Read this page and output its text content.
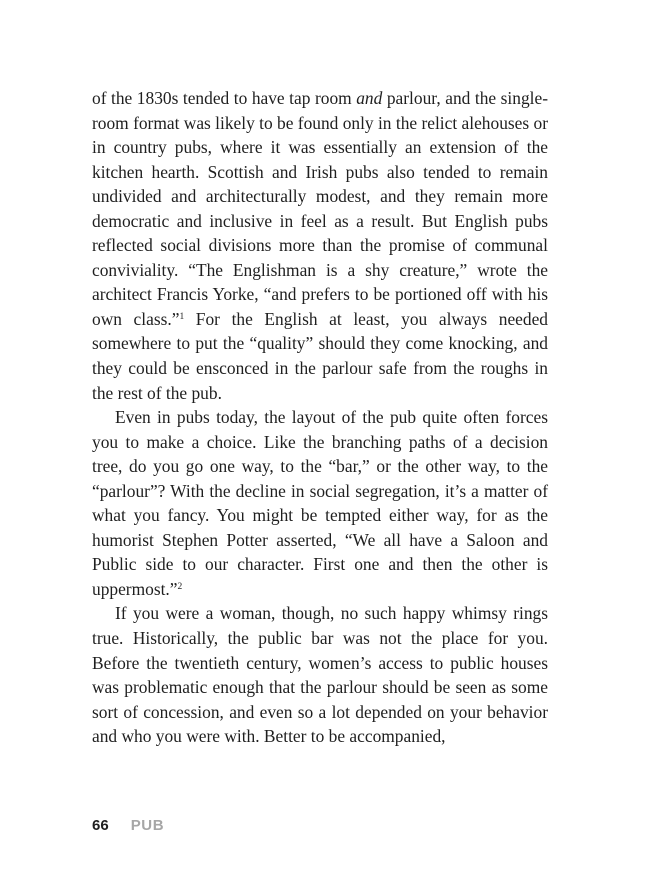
of the 1830s tended to have tap room and parlour, and the single-room format was likely to be found only in the relict alehouses or in country pubs, where it was essentially an extension of the kitchen hearth. Scottish and Irish pubs also tended to remain undivided and architecturally modest, and they remain more democratic and inclusive in feel as a result. But English pubs reflected social divisions more than the promise of communal conviviality. “The Englishman is a shy creature,” wrote the architect Francis Yorke, “and prefers to be portioned off with his own class.”$^1$ For the English at least, you always needed somewhere to put the “quality” should they come knocking, and they could be ensconced in the parlour safe from the roughs in the rest of the pub.

Even in pubs today, the layout of the pub quite often forces you to make a choice. Like the branching paths of a decision tree, do you go one way, to the “bar,” or the other way, to the “parlour”? With the decline in social segregation, it’s a matter of what you fancy. You might be tempted either way, for as the humorist Stephen Potter asserted, “We all have a Saloon and Public side to our character. First one and then the other is uppermost.”$^2$

If you were a woman, though, no such happy whimsy rings true. Historically, the public bar was not the place for you. Before the twentieth century, women’s access to public houses was problematic enough that the parlour should be seen as some sort of concession, and even so a lot depended on your behavior and who you were with. Better to be accompanied,

66 PUB
